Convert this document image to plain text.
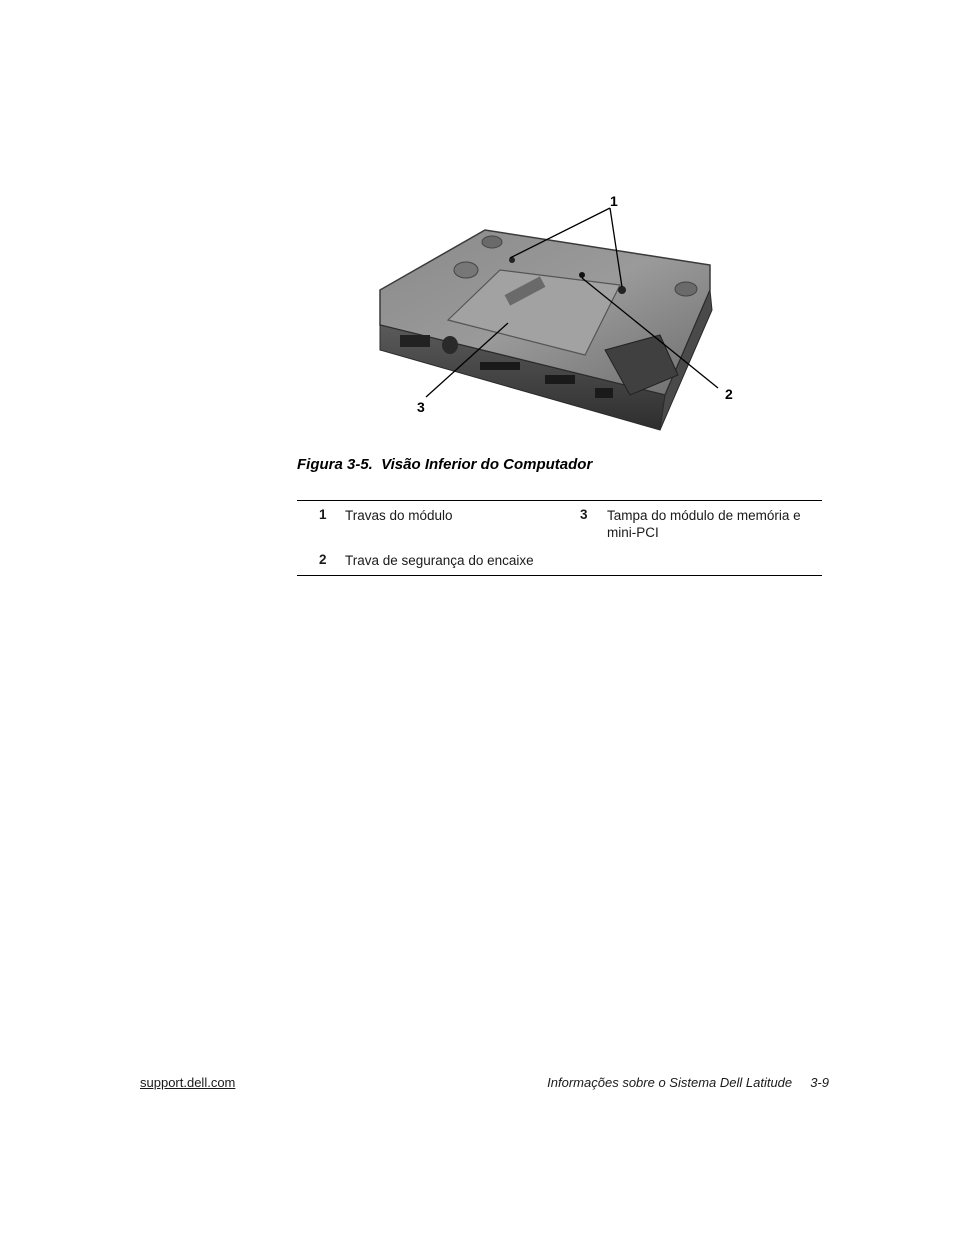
1
2
3
Figura 3-5.  Visão Inferior do Computador
1 Travas do módulo
2 Trava de segurança do encaixe
3 Tampa do módulo de memória e mini-PCI
support.dell.com	Informações sobre o Sistema Dell Latitude 3-9
